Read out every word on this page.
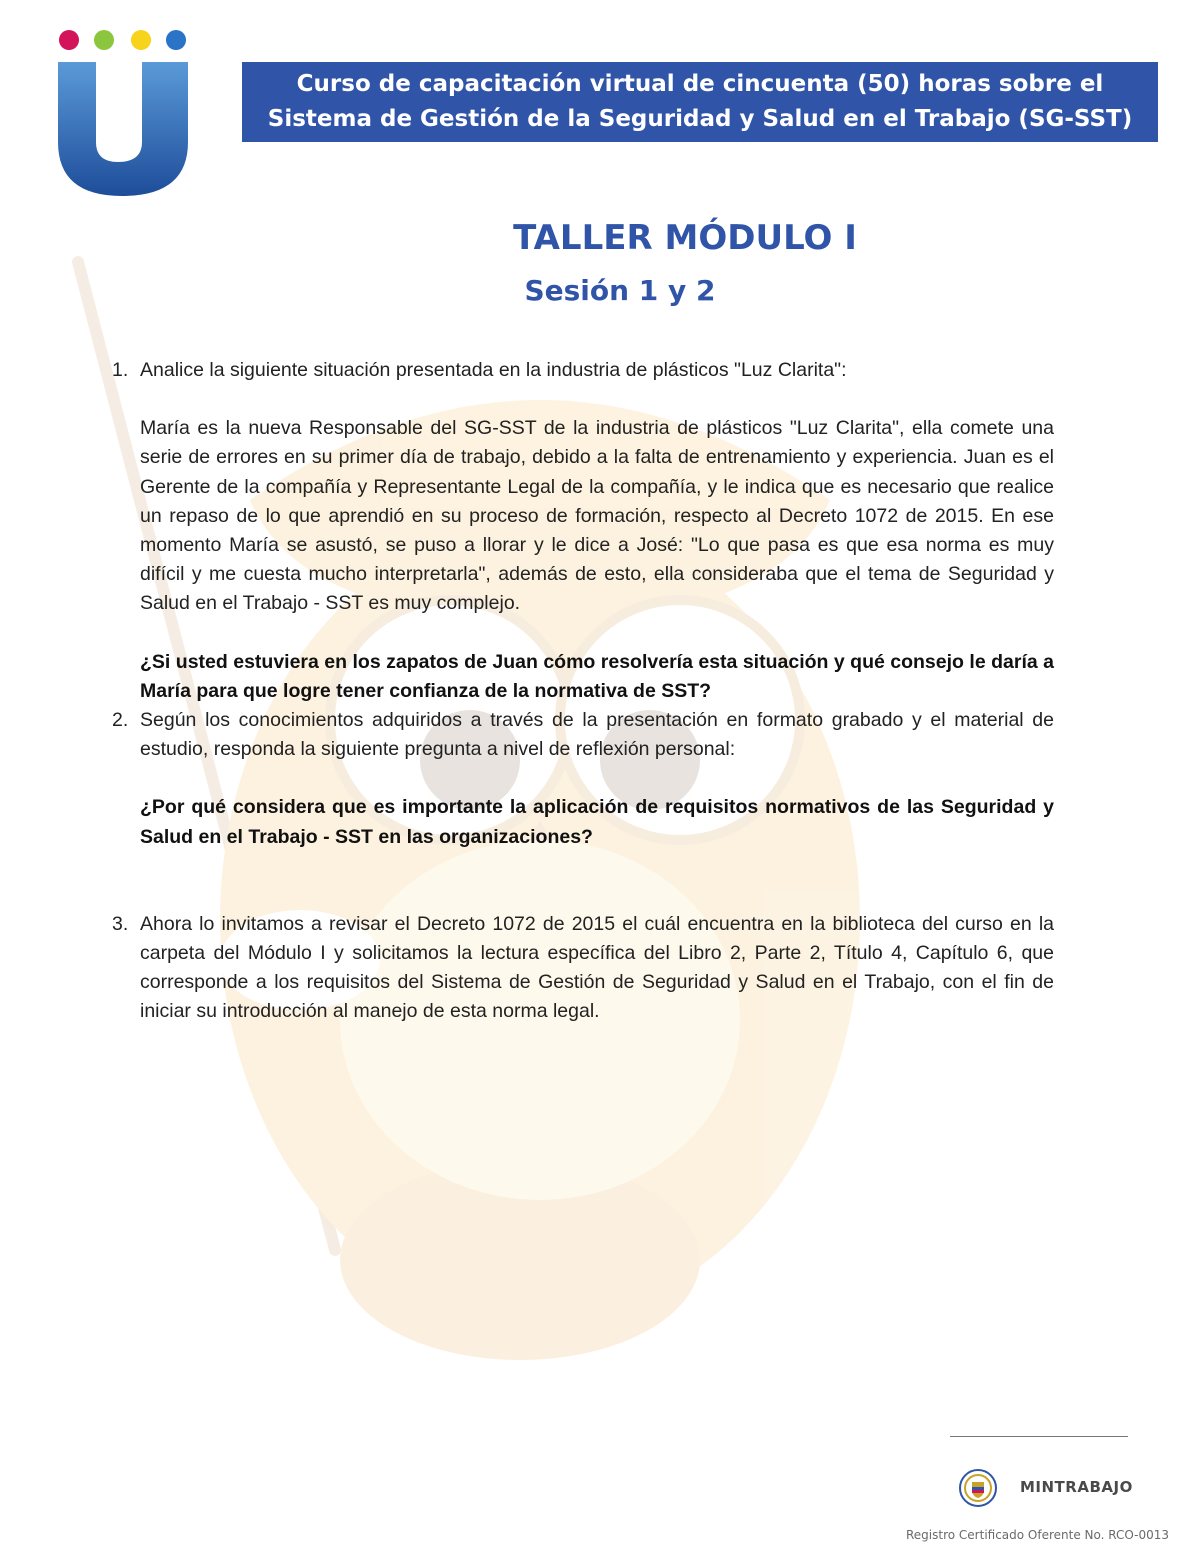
Curso de capacitación virtual de cincuenta (50) horas sobre el
Sistema de Gestión de la Seguridad y Salud en el Trabajo (SG-SST)
TALLER MÓDULO I
Sesión 1 y 2

1. Analice la siguiente situación presentada en la industria de plásticos "Luz Clarita":

María es la nueva Responsable del SG-SST de la industria de plásticos "Luz Clarita", ella comete una serie de errores en su primer día de trabajo, debido a la falta de entrenamiento y experiencia. Juan es el Gerente de la compañía y Representante Legal de la compañía, y le indica que es necesario que realice un repaso de lo que aprendió en su proceso de formación, respecto al Decreto 1072 de 2015. En ese momento María se asustó, se puso a llorar y le dice a José: "Lo que pasa es que esa norma es muy difícil y me cuesta mucho interpretarla", además de esto, ella consideraba que el tema de Seguridad y Salud en el Trabajo - SST es muy complejo.

¿Si usted estuviera en los zapatos de Juan cómo resolvería esta situación y qué consejo le daría a María para que logre tener confianza de la normativa de SST?

2. Según los conocimientos adquiridos a través de la presentación en formato grabado y el material de estudio, responda la siguiente pregunta a nivel de reflexión personal:

¿Por qué considera que es importante la aplicación de requisitos normativos de las Seguridad y Salud en el Trabajo - SST en las organizaciones?

3. Ahora lo invitamos a revisar el Decreto 1072 de 2015 el cuál encuentra en la biblioteca del curso en la carpeta del Módulo I y solicitamos la lectura específica del Libro 2, Parte 2, Título 4, Capítulo 6, que corresponde a los requisitos del Sistema de Gestión de Seguridad y Salud en el Trabajo, con el fin de iniciar su introducción al manejo de esta norma legal.

MINTRABAJO
Registro Certificado Oferente No. RCO-0013
